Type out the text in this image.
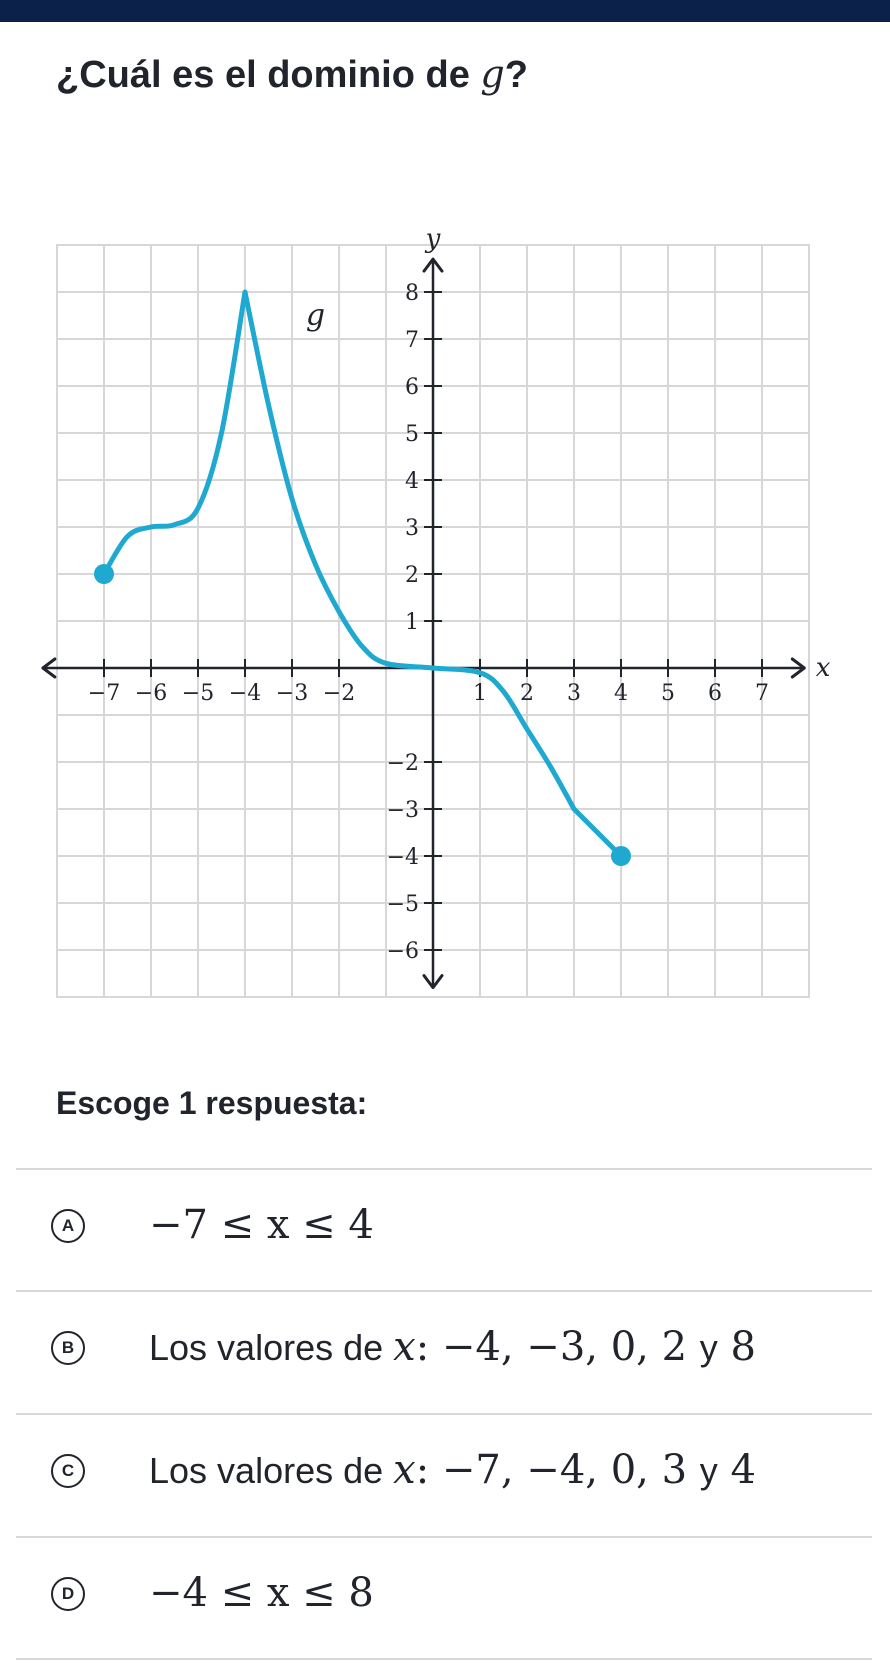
¿Cuál es el dominio de g?
x
y
−7 −6 −5 −4 −3 −2	1 2 3 4 5 6 7
8
7
6
5
4
3
2
1
−2
−3
−4
−5
−6
g
Escoge 1 respuesta:
A −7 ≤ x ≤ 4
B	Los valores de x: −4, −3, 0, 2 y 8
C	Los valores de x: −7, −4, 0, 3 y 4
D −4 ≤ x ≤ 8
